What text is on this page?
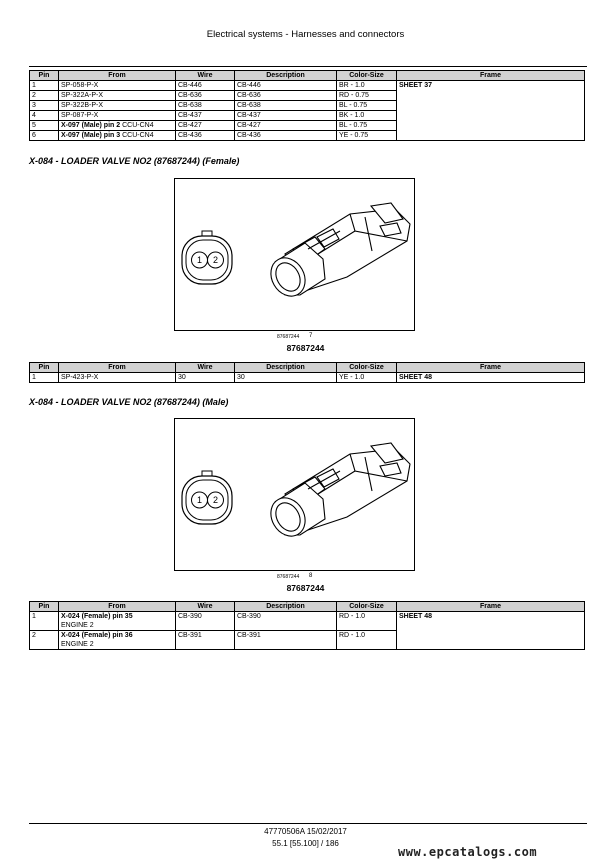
Electrical systems - Harnesses and connectors
Pin	From	Wire	Description	Color-Size	Frame
1	SP-058-P-X	CB-446	CB-446	BR - 1.0	SHEET 37
2	SP-322A-P-X	CB-636	CB-636	RD - 0.75	
3	SP-322B-P-X	CB-638	CB-638	BL - 0.75	
4	SP-087-P-X	CB-437	CB-437	BK - 1.0	
5	X-097 (Male) pin 2 CCU-CN4	CB-427	CB-427	BL - 0.75	
6	X-097 (Male) pin 3 CCU-CN4	CB-436	CB-436	YE - 0.75	
X-084 - LOADER VALVE NO2 (87687244) (Female)
1 2
87687244 7
87687244
Pin	From	Wire	Description	Color-Size	Frame
1	SP-423-P-X	30	30	YE - 1.0	SHEET 48
X-084 - LOADER VALVE NO2 (87687244) (Male)
1 2
87687244 8
87687244
Pin	From	Wire	Description	Color-Size	Frame
1	X-024 (Female) pin 35
ENGINE 2	CB-390	CB-390	RD - 1.0	SHEET 48
2	X-024 (Female) pin 36
ENGINE 2	CB-391	CB-391	RD - 1.0	
47770506A 15/02/2017
55.1 [55.100] / 186
www.epcatalogs.com
